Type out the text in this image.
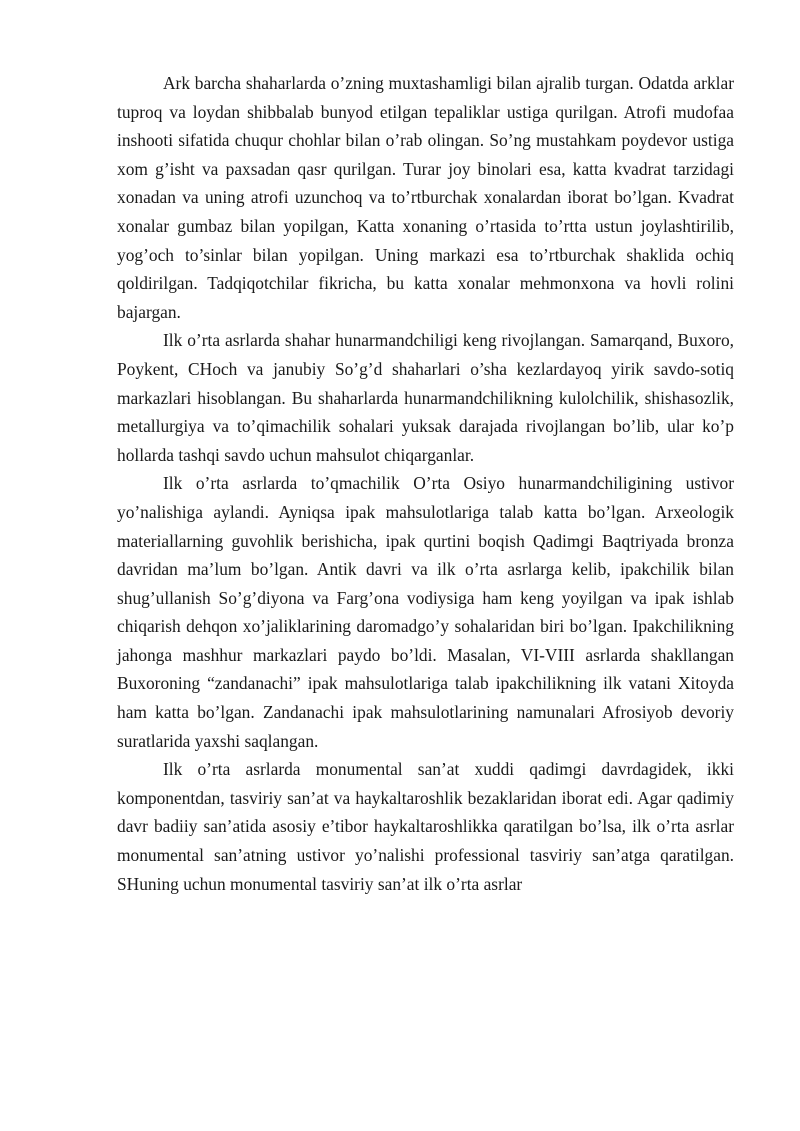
Ark barcha shaharlarda o’zning muxtashamligi bilan ajralib turgan. Odatda arklar tuproq va loydan shibbalab bunyod etilgan tepaliklar ustiga qurilgan. Atrofi mudofaa inshooti sifatida chuqur chohlar bilan o’rab olingan. So’ng mustahkam poydevor ustiga xom g’isht va paxsadan qasr qurilgan. Turar joy binolari esa, katta kvadrat tarzidagi xonadan va uning atrofi uzunchoq va to’rtburchak xonalardan iborat bo’lgan. Kvadrat xonalar gumbaz bilan yopilgan, Katta xonaning o’rtasida to’rtta ustun joylashtirilib, yog’och to’sinlar bilan yopilgan. Uning markazi esa to’rtburchak shaklida ochiq qoldirilgan. Tadqiqotchilar fikricha, bu katta xonalar mehmonxona va hovli rolini bajargan.

Ilk o’rta asrlarda shahar hunarmandchiligi keng rivojlangan. Samarqand, Buxoro, Poykent, CHoch va janubiy So’g’d shaharlari o’sha kezlardayoq yirik savdo-sotiq markazlari hisoblangan. Bu shaharlarda hunarmandchilikning kulolchilik, shishasozlik, metallurgiya va to’qimachilik sohalari yuksak darajada rivojlangan bo’lib, ular ko’p hollarda tashqi savdo uchun mahsulot chiqarganlar.

Ilk o’rta asrlarda to’qmachilik O’rta Osiyo hunarmandchiligining ustivor yo’nalishiga aylandi. Ayniqsa ipak mahsulotlariga talab katta bo’lgan. Arxeologik materiallarning guvohlik berishicha, ipak qurtini boqish Qadimgi Baqtriyada bronza davridan ma’lum bo’lgan. Antik davri va ilk o’rta asrlarga kelib, ipakchilik bilan shug’ullanish So’g’diyona va Farg’ona vodiysiga ham keng yoyilgan va ipak ishlab chiqarish dehqon xo’jaliklarining daromadgo’y sohalaridan biri bo’lgan. Ipakchilikning jahonga mashhur markazlari paydo bo’ldi. Masalan, VI-VIII asrlarda shakllangan Buxoroning “zandanachi” ipak mahsulotlariga talab ipakchilikning ilk vatani Xitoyda ham katta bo’lgan. Zandanachi ipak mahsulotlarining namunalari Afrosiyob devoriy suratlarida yaxshi saqlangan.

Ilk o’rta asrlarda monumental san’at xuddi qadimgi davrdagidek, ikki komponentdan, tasviriy san’at va haykaltaroshlik bezaklaridan iborat edi. Agar qadimiy davr badiiy san’atida asosiy e’tibor haykaltaroshlikka qaratilgan bo’lsa, ilk o’rta asrlar monumental san’atning ustivor yo’nalishi professional tasviriy san’atga qaratilgan. SHuning uchun monumental tasviriy san’at ilk o’rta asrlar
